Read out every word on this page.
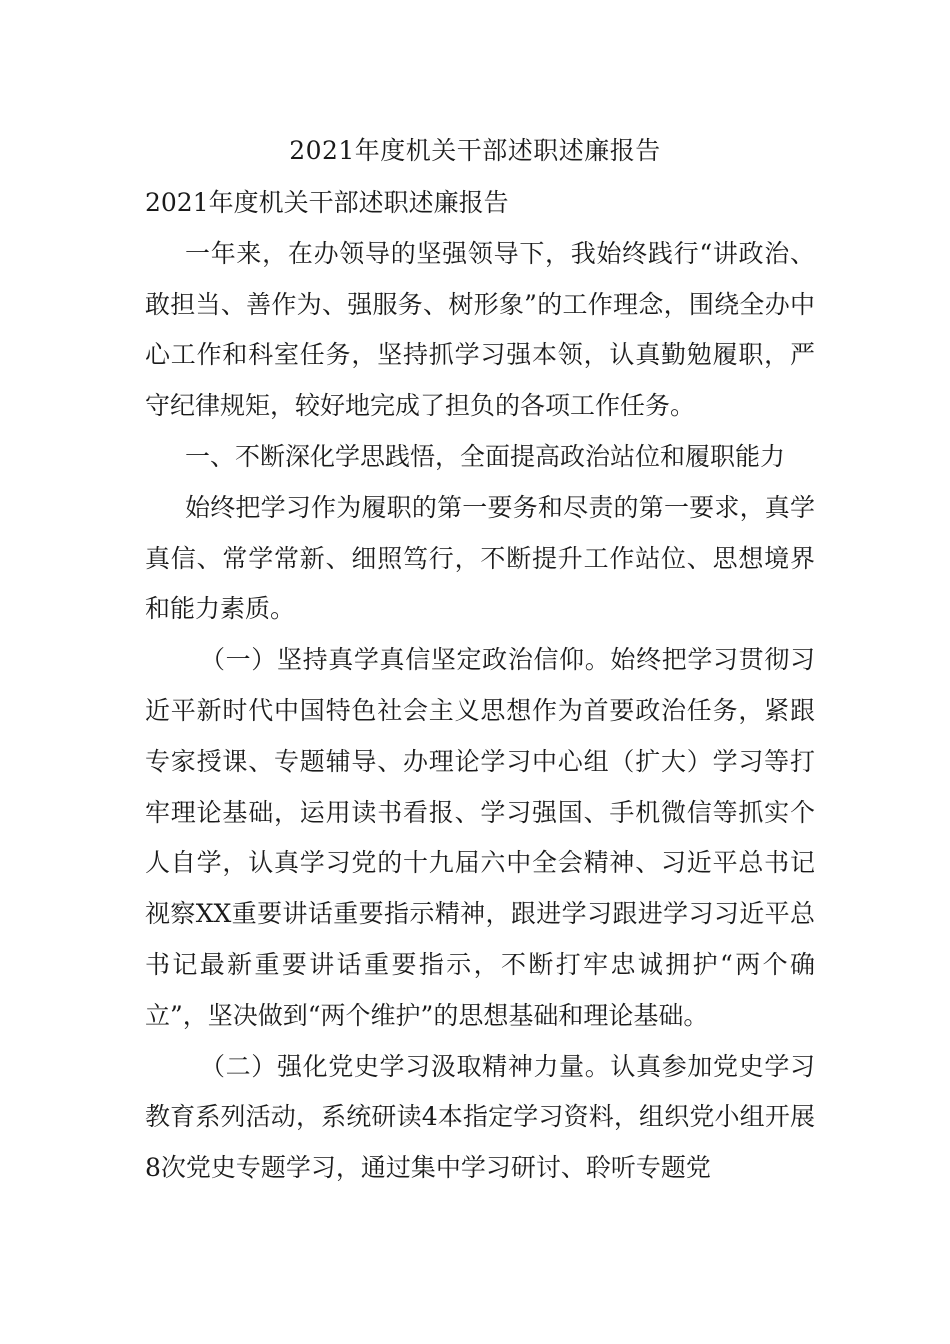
2021年度机关干部述职述廉报告

2021年度机关干部述职述廉报告

一年来，在办领导的坚强领导下，我始终践行“讲政治、敢担当、善作为、强服务、树形象”的工作理念，围绕全办中心工作和科室任务，坚持抓学习强本领，认真勤勉履职，严守纪律规矩，较好地完成了担负的各项工作任务。

一、不断深化学思践悟，全面提高政治站位和履职能力

始终把学习作为履职的第一要务和尽责的第一要求，真学真信、常学常新、细照笃行，不断提升工作站位、思想境界和能力素质。

（一）坚持真学真信坚定政治信仰。始终把学习贯彻习近平新时代中国特色社会主义思想作为首要政治任务，紧跟专家授课、专题辅导、办理论学习中心组（扩大）学习等打牢理论基础，运用读书看报、学习强国、手机微信等抓实个人自学，认真学习党的十九届六中全会精神、习近平总书记视察XX重要讲话重要指示精神，跟进学习跟进学习习近平总书记最新重要讲话重要指示，不断打牢忠诚拥护“两个确立”，坚决做到“两个维护”的思想基础和理论基础。

（二）强化党史学习汲取精神力量。认真参加党史学习教育系列活动，系统研读4本指定学习资料，组织党小组开展8次党史专题学习，通过集中学习研讨、聆听专题党
